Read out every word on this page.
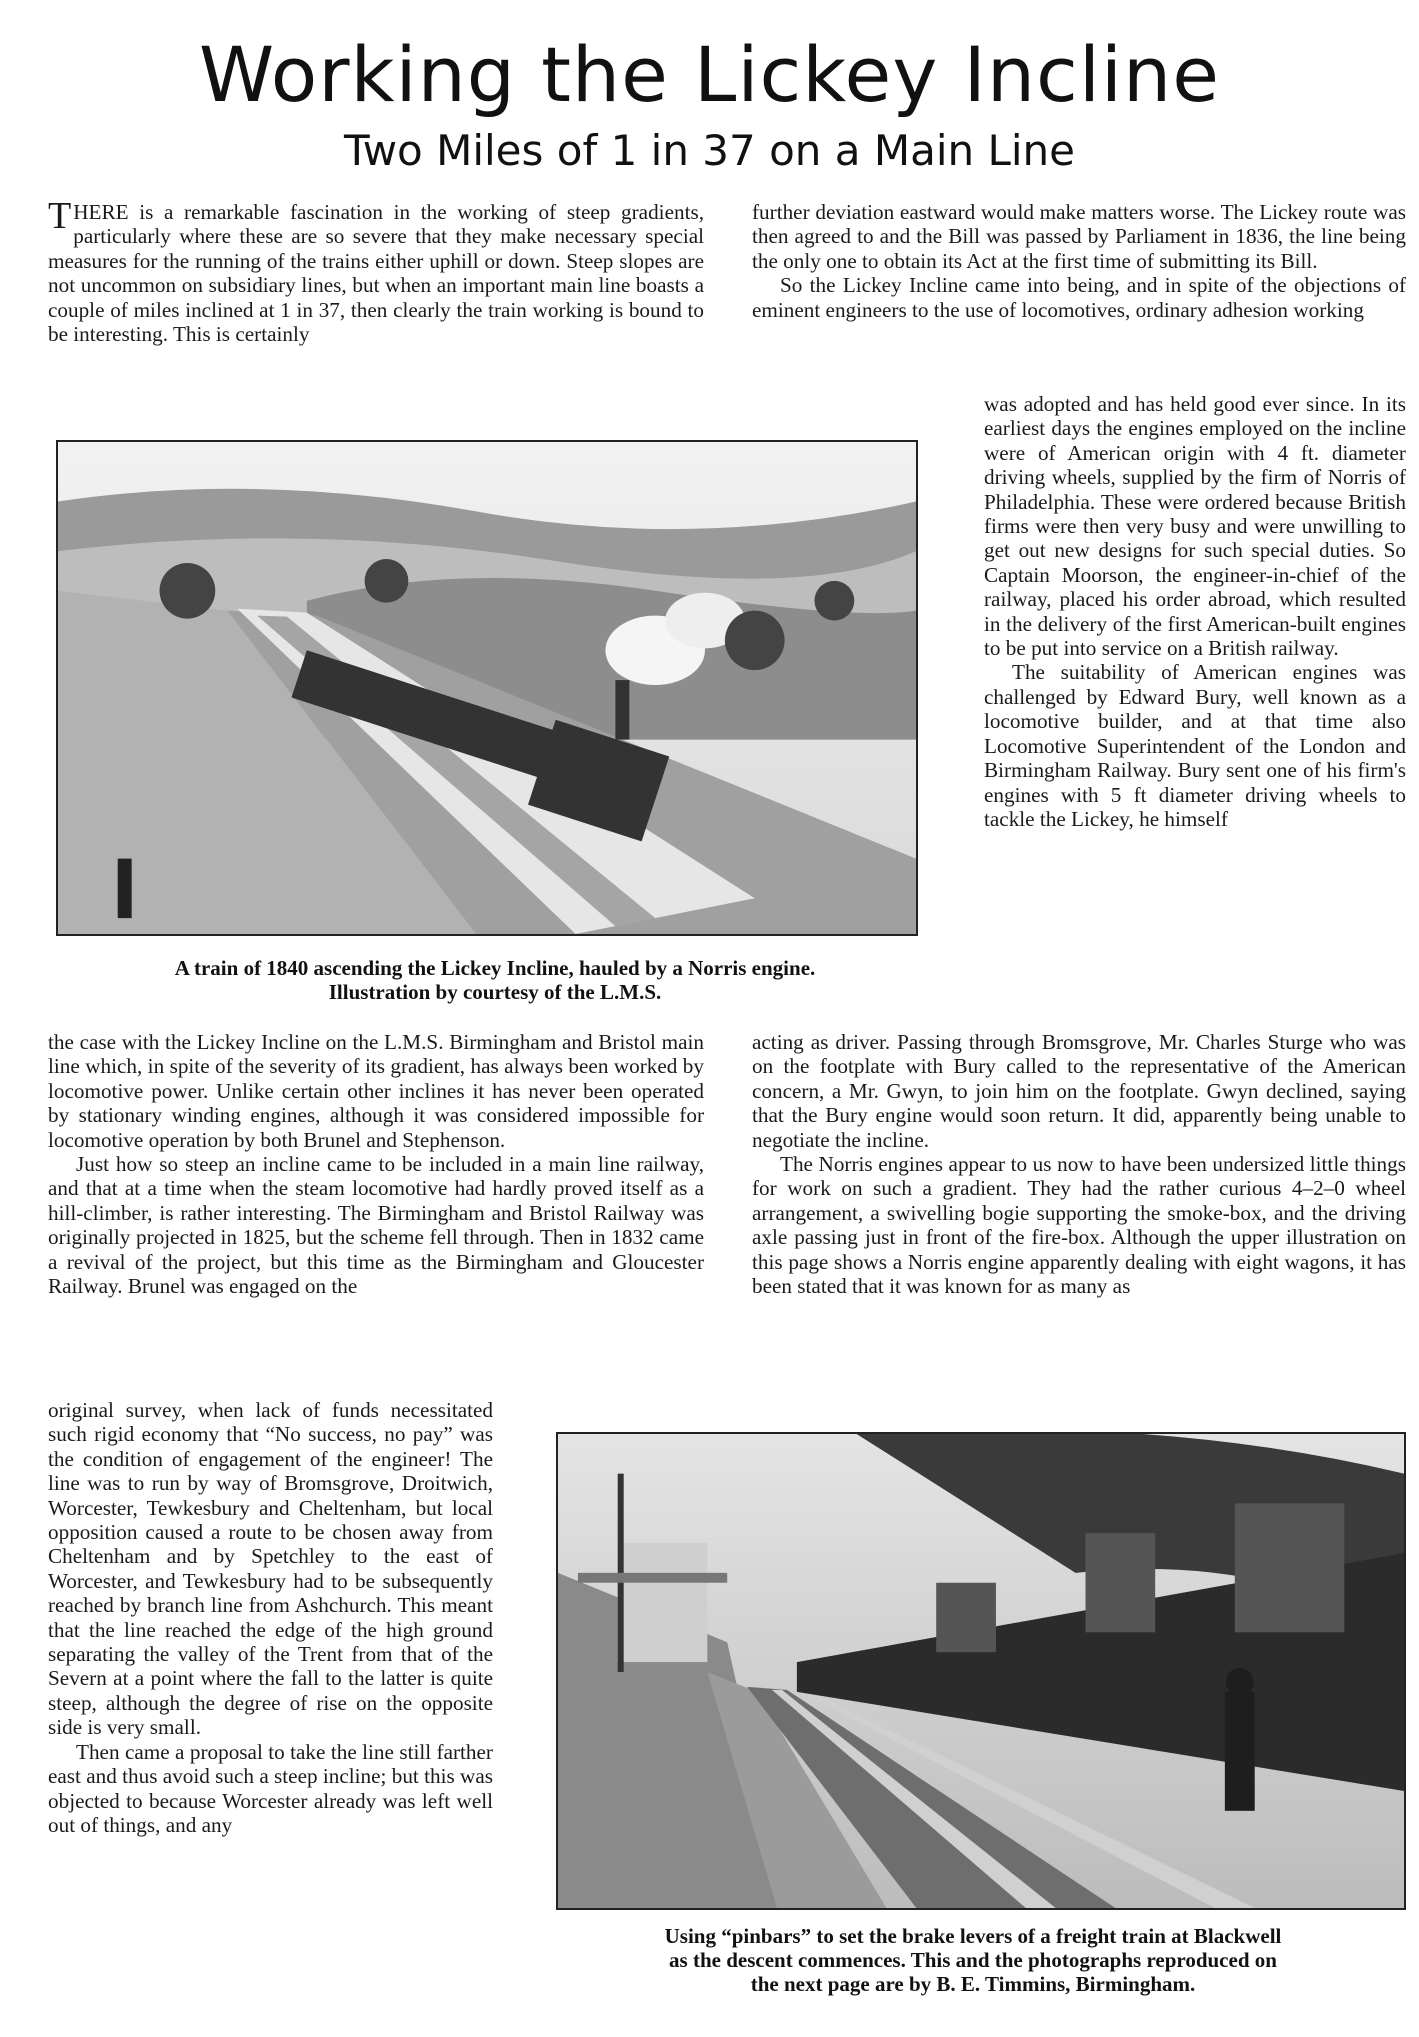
Working the Lickey Incline
Two Miles of 1 in 37 on a Main Line

THERE is a remarkable fascination in the working of steep gradients, particularly where these are so severe that they make necessary special measures for the running of the trains either uphill or down. Steep slopes are not uncommon on subsidiary lines, but when an important main line boasts a couple of miles inclined at 1 in 37, then clearly the train working is bound to be interesting. This is certainly

further deviation eastward would make matters worse. The Lickey route was then agreed to and the Bill was passed by Parliament in 1836, the line being the only one to obtain its Act at the first time of submitting its Bill.

So the Lickey Incline came into being, and in spite of the objections of eminent engineers to the use of locomotives, ordinary adhesion working

was adopted and has held good ever since. In its earliest days the engines employed on the incline were of American origin with 4 ft. diameter driving wheels, supplied by the firm of Norris of Philadelphia. These were ordered because British firms were then very busy and were unwilling to get out new designs for such special duties. So Captain Moorson, the engineer-in-chief of the railway, placed his order abroad, which resulted in the delivery of the first American-built engines to be put into service on a British railway.

The suitability of American engines was challenged by Edward Bury, well known as a locomotive builder, and at that time also Locomotive Superintendent of the London and Birmingham Railway. Bury sent one of his firm's engines with 5 ft diameter driving wheels to tackle the Lickey, he himself

A train of 1840 ascending the Lickey Incline, hauled by a Norris engine.
Illustration by courtesy of the L.M.S.

the case with the Lickey Incline on the L.M.S. Birmingham and Bristol main line which, in spite of the severity of its gradient, has always been worked by locomotive power. Unlike certain other inclines it has never been operated by stationary winding engines, although it was considered impossible for locomotive operation by both Brunel and Stephenson.

Just how so steep an incline came to be included in a main line railway, and that at a time when the steam locomotive had hardly proved itself as a hill-climber, is rather interesting. The Birmingham and Bristol Railway was originally projected in 1825, but the scheme fell through. Then in 1832 came a revival of the project, but this time as the Birmingham and Gloucester Railway. Brunel was engaged on the

original survey, when lack of funds necessitated such rigid economy that “No success, no pay” was the condition of engagement of the engineer! The line was to run by way of Bromsgrove, Droitwich, Worcester, Tewkesbury and Cheltenham, but local opposition caused a route to be chosen away from Cheltenham and by Spetchley to the east of Worcester, and Tewkesbury had to be subsequently reached by branch line from Ashchurch. This meant that the line reached the edge of the high ground separating the valley of the Trent from that of the Severn at a point where the fall to the latter is quite steep, although the degree of rise on the opposite side is very small.

Then came a proposal to take the line still farther east and thus avoid such a steep incline; but this was objected to because Worcester already was left well out of things, and any

acting as driver. Passing through Bromsgrove, Mr. Charles Sturge who was on the footplate with Bury called to the representative of the American concern, a Mr. Gwyn, to join him on the footplate. Gwyn declined, saying that the Bury engine would soon return. It did, apparently being unable to negotiate the incline.

The Norris engines appear to us now to have been undersized little things for work on such a gradient. They had the rather curious 4–2–0 wheel arrangement, a swivelling bogie supporting the smoke-box, and the driving axle passing just in front of the fire-box. Although the upper illustration on this page shows a Norris engine apparently dealing with eight wagons, it has been stated that it was known for as many as

Using “pinbars” to set the brake levers of a freight train at Blackwell
as the descent commences. This and the photographs reproduced on
the next page are by B. E. Timmins, Birmingham.
